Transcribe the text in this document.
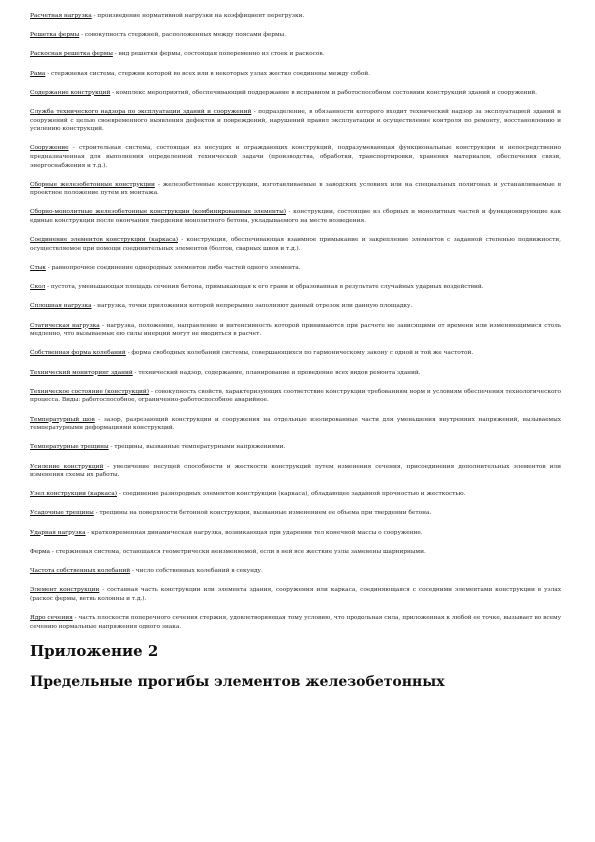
Расчетная нагрузка - произведение нормативной нагрузки на коэффициент перегрузки.

Решетка фермы - совокупность стержней, расположенных между поясами фермы.

Раскосная решетка фермы - вид решетки фермы, состоящая попеременно из стоек и раскосов.

Рама - стержневая система, стержни которой во всех или в некоторых узлах жестко соединены между собой.

Содержание конструкций - комплекс мероприятий, обеспечивающий поддержание в исправном и работоспособном состоянии конструкций зданий и сооружений.

Служба технического надзора по эксплуатации зданий и сооружений - подразделение, в обязанности которого входит технический надзор за эксплуатацией зданий и сооружений с целью своевременного выявления дефектов и повреждений, нарушений правил эксплуатации и осуществление контроля по ремонту, восстановлению и усилению конструкций.

Сооружение - строительная система, состоящая из несущих и ограждающих конструкций, подразумевающая функциональные конструкции и непосредственно предназначенная для выполнения определенной технической задачи (производства, обработки, транспортировки, хранения материалов, обеспечения связи, энергоснабжения и т.д.).

Сборные железобетонные конструкции - железобетонные конструкции, изготавливаемые в заводских условиях или на специальных полигонах и устанавливаемые в проектное положение путем их монтажа.

Сборно-монолитные железобетонные конструкции (комбинированные элементы) - конструкции, состоящие из сборных и монолитных частей и функционирующие как единые конструкции после окончания твердения монолитного бетона, укладываемого на месте возведения.

Соединение элементов конструкции (каркаса) - конструкция, обеспечивающая взаимное примыкание и закрепление элементов с заданной степенью подвижности, осуществляемое при помощи соединительных элементов (болтов, сварных швов и т.д.).

Стык - равнопрочное соединение однородных элементов либо частей одного элемента.

Скол - пустота, уменьшающая площадь сечения бетона, примыкающая к его грани и образованная в результате случайных ударных воздействий.

Сплошная нагрузка - нагрузка, точки приложения которой непрерывно заполняют данный отрезок или данную площадку.

Статическая нагрузка - нагрузка, положение, направление и интенсивность которой принимаются при расчете не зависящими от времени или изменяющимися столь медленно, что вызываемые ею силы инерции могут не вводиться в расчет.

Собственная форма колебаний - форма свободных колебаний системы, совершающихся по гармоническому закону с одной и той же частотой.

Технический мониторинг зданий - технический надзор, содержание, планирование и проведение всех видов ремонта зданий.

Техническое состояние (конструкций) - совокупность свойств, характеризующих соответствие конструкции требованиям норм и условиям обеспечения технологического процесса. Виды: работоспособное, ограниченно-работоспособное аварийное.

Температурный шов - зазор, разрезающий конструкции и сооружения на отдельные изолированные части для уменьшения внутренних напряжений, вызываемых температурными деформациями конструкций.

Температурные трещины - трещины, вызванные температурными напряжениями.

Усиление конструкций - увеличение несущей способности и жесткости конструкций путем изменения сечения, присоединения дополнительных элементов или изменения схемы их работы.

Узел конструкции (каркаса) - соединение разнородных элементов конструкции (каркаса), обладающее заданной прочностью и жесткостью.

Усадочные трещины - трещины на поверхности бетонной конструкции, вызванные изменением ее объема при твердении бетона.

Ударная нагрузка - кратковременная динамическая нагрузка, возникающая при ударении тел конечной массы о сооружение.

Ферма - стержневая система, остающаяся геометрически неизменяемой, если в ней все жесткие узлы заменены шарнирными.

Частота собственных колебаний - число собственных колебаний в секунду.

Элемент конструкции - составная часть конструкции или элемента здания, сооружения или каркаса, соединяющаяся с соседними элементами конструкции в узлах (раскос фермы, ветвь колонны и т.д.).

Ядро сечения - часть плоскости поперечного сечения стержня, удовлетворяющая тому условию, что продольная сила, приложенная к любой ее точке, вызывает во всему сечению нормальные напряжения одного знака.

Приложение 2
Предельные прогибы элементов железобетонных
